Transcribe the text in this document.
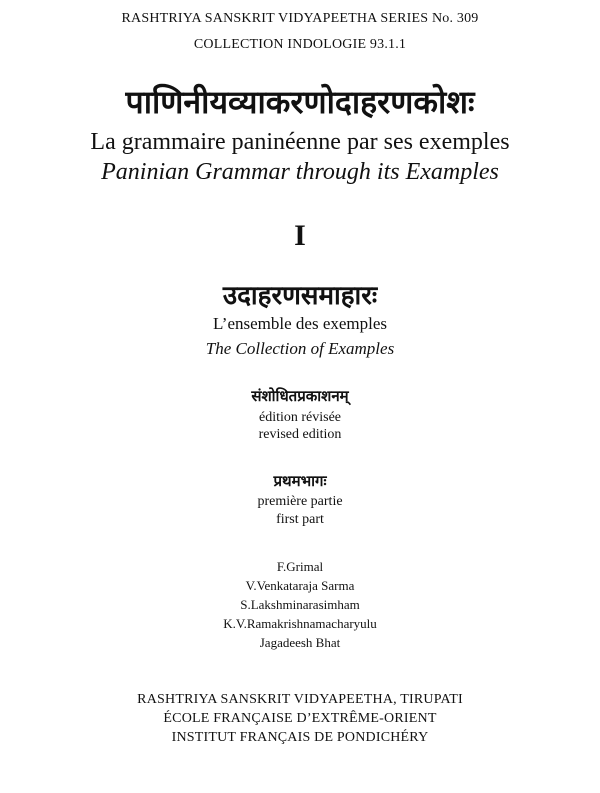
RASHTRIYA SANSKRIT VIDYAPEETHA SERIES No. 309
COLLECTION INDOLOGIE 93.1.1
पाणिनीयव्याकरणोदाहरणकोशः
La grammaire paninéenne par ses exemples
Paninian Grammar through its Examples
I
उदाहरणसमाहारः
L’ensemble des exemples
The Collection of Examples
संशोधितप्रकाशनम्
édition révisée
revised edition
प्रथमभागः
première partie
first part
F.Grimal
V.Venkataraja Sarma
S.Lakshminarasimham
K.V.Ramakrishnamacharyulu
Jagadeesh Bhat
RASHTRIYA SANSKRIT VIDYAPEETHA, TIRUPATI
ÉCOLE FRANÇAISE D’EXTRÊME-ORIENT
INSTITUT FRANÇAIS DE PONDICHÉRY
